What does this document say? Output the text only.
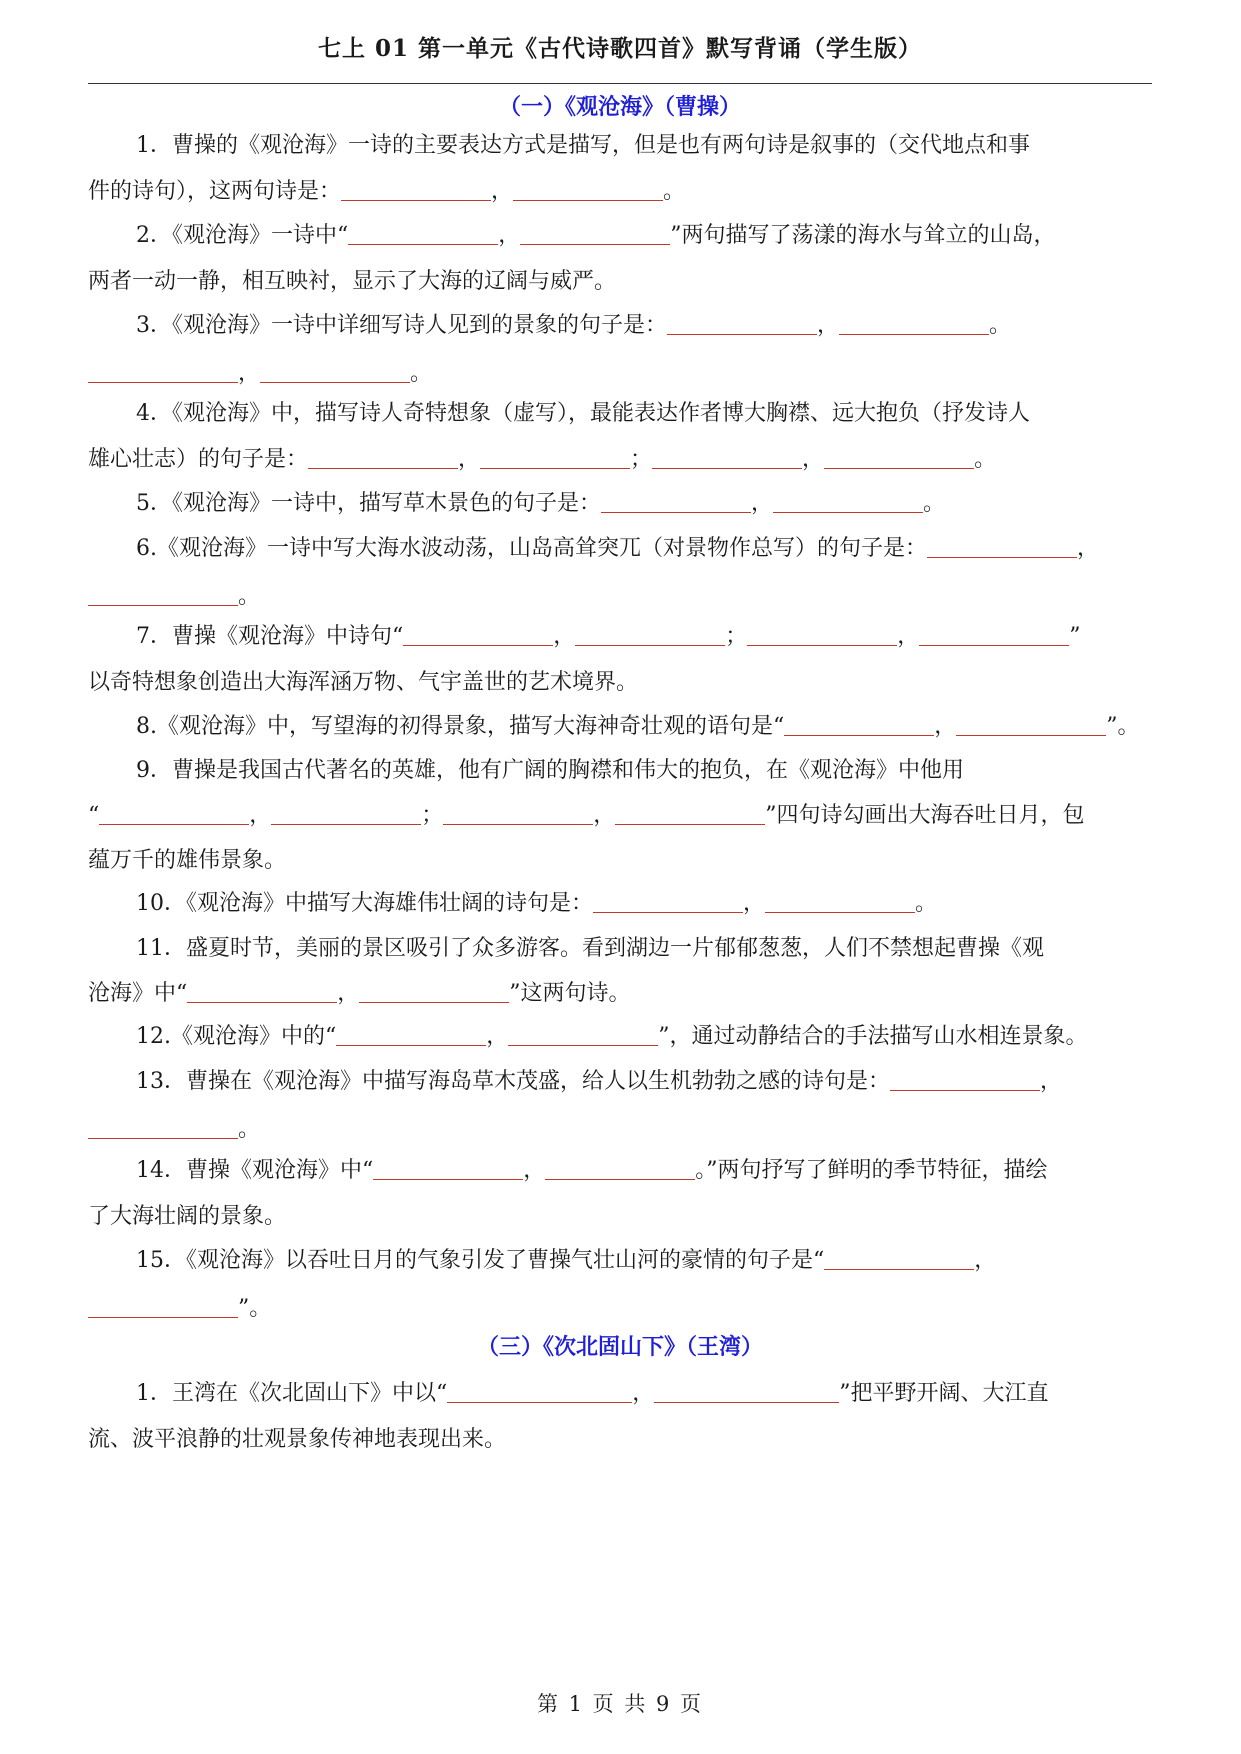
七上 01 第一单元《古代诗歌四首》默写背诵（学生版）
（一）《观沧海》（曹操）
1．曹操的《观沧海》一诗的主要表达方式是描写，但是也有两句诗是叙事的（交代地点和事
件的诗句），这两句诗是：	，	。
2．《观沧海》一诗中“	，	”两句描写了荡漾的海水与耸立的山岛，
两者一动一静，相互映衬，显示了大海的辽阔与威严。
3．《观沧海》一诗中详细写诗人见到的景象的句子是：	，	。
，	。
4．《观沧海》中，描写诗人奇特想象（虚写），最能表达作者博大胸襟、远大抱负（抒发诗人
雄心壮志）的句子是：	，	；	，	。
5．《观沧海》一诗中，描写草木景色的句子是：	，	。
6.《观沧海》一诗中写大海水波动荡，山岛高耸突兀（对景物作总写）的句子是：	，
。
7．曹操《观沧海》中诗句“	，	；	，	”
以奇特想象创造出大海浑涵万物、气宇盖世的艺术境界。
8.《观沧海》中，写望海的初得景象，描写大海神奇壮观的语句是“	，	”。
9．曹操是我国古代著名的英雄，他有广阔的胸襟和伟大的抱负，在《观沧海》中他用
“	，	；	，	”四句诗勾画出大海吞吐日月，包
蕴万千的雄伟景象。
10．《观沧海》中描写大海雄伟壮阔的诗句是：	，	。
11．盛夏时节，美丽的景区吸引了众多游客。看到湖边一片郁郁葱葱，人们不禁想起曹操《观
沧海》中“	，	”这两句诗。
12.《观沧海》中的“	，	”，通过动静结合的手法描写山水相连景象。
13．曹操在《观沧海》中描写海岛草木茂盛，给人以生机勃勃之感的诗句是：	，
。
14．曹操《观沧海》中“	，	。”两句抒写了鲜明的季节特征，描绘
了大海壮阔的景象。
15．《观沧海》以吞吐日月的气象引发了曹操气壮山河的豪情的句子是“	，
”。
（三）《次北固山下》（王湾）
1．王湾在《次北固山下》中以“	，	”把平野开阔、大江直
流、波平浪静的壮观景象传神地表现出来。
第 1 页 共 9 页
